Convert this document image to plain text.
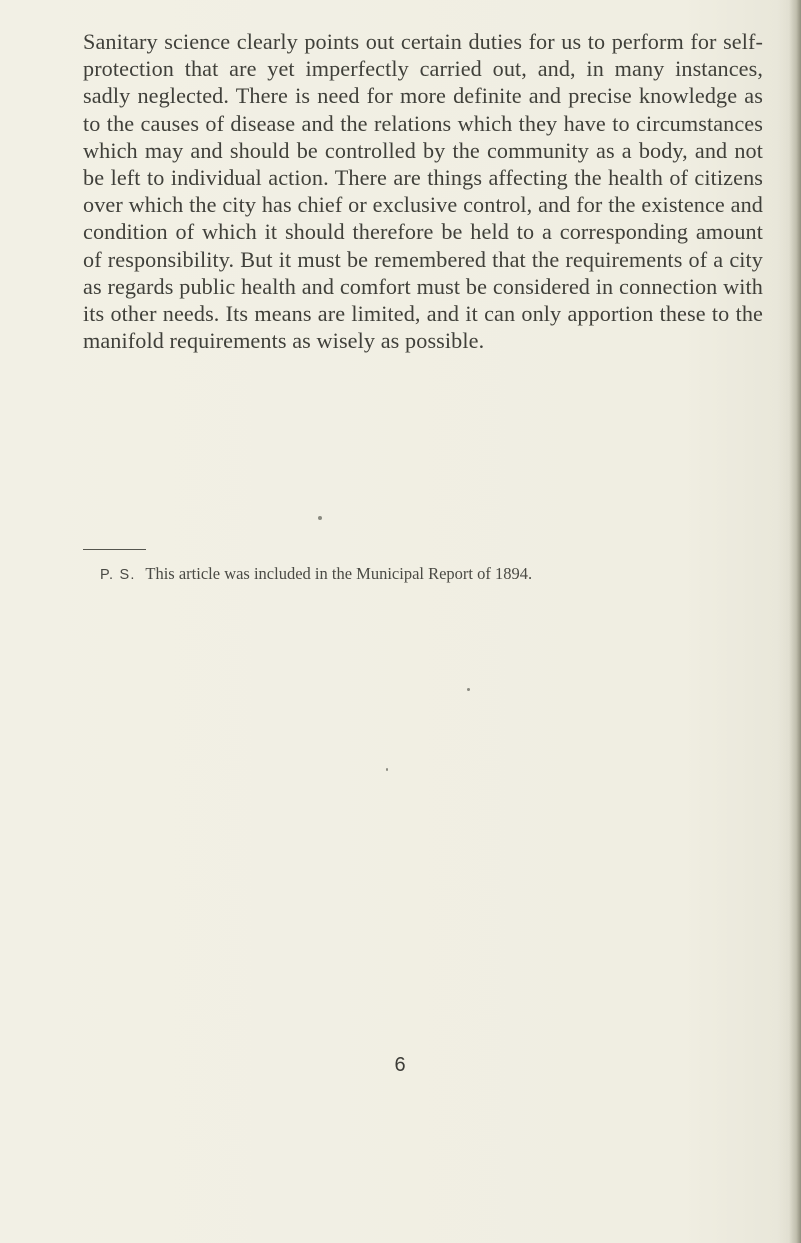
Sanitary science clearly points out certain duties for us to perform for self-protection that are yet imperfectly carried out, and, in many instances, sadly neglected. There is need for more definite and precise knowledge as to the causes of disease and the relations which they have to circumstances which may and should be controlled by the community as a body, and not be left to individual action. There are things affecting the health of citizens over which the city has chief or exclusive control, and for the existence and condition of which it should therefore be held to a corresponding amount of responsibility. But it must be remembered that the requirements of a city as regards public health and comfort must be considered in connection with its other needs. Its means are limited, and it can only apportion these to the manifold requirements as wisely as possible.

P. S. This article was included in the Municipal Report of 1894.

6
